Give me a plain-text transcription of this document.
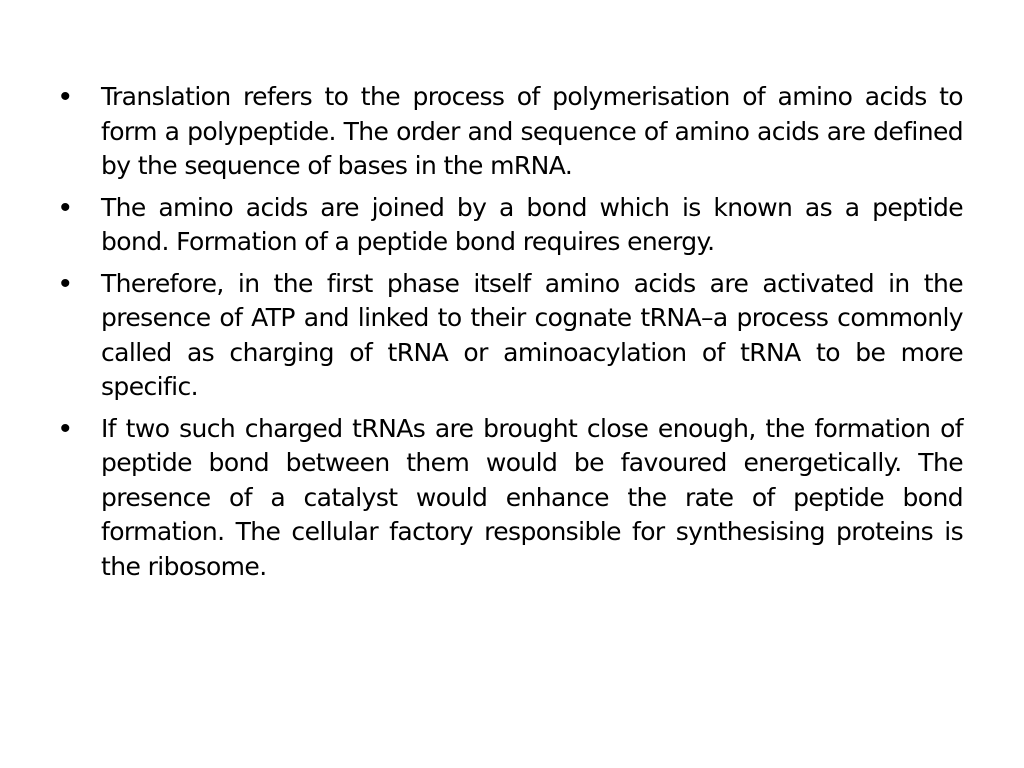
• Translation refers to the process of polymerisation of amino acids to form a polypeptide. The order and sequence of amino acids are defined by the sequence of bases in the mRNA.
• The amino acids are joined by a bond which is known as a peptide bond. Formation of a peptide bond requires energy.
• Therefore, in the first phase itself amino acids are activated in the presence of ATP and linked to their cognate tRNA–a process commonly called as charging of tRNA or aminoacylation of tRNA to be more specific.
• If two such charged tRNAs are brought close enough, the formation of peptide bond between them would be favoured energetically. The presence of a catalyst would enhance the rate of peptide bond formation. The cellular factory responsible for synthesising proteins is the ribosome.
